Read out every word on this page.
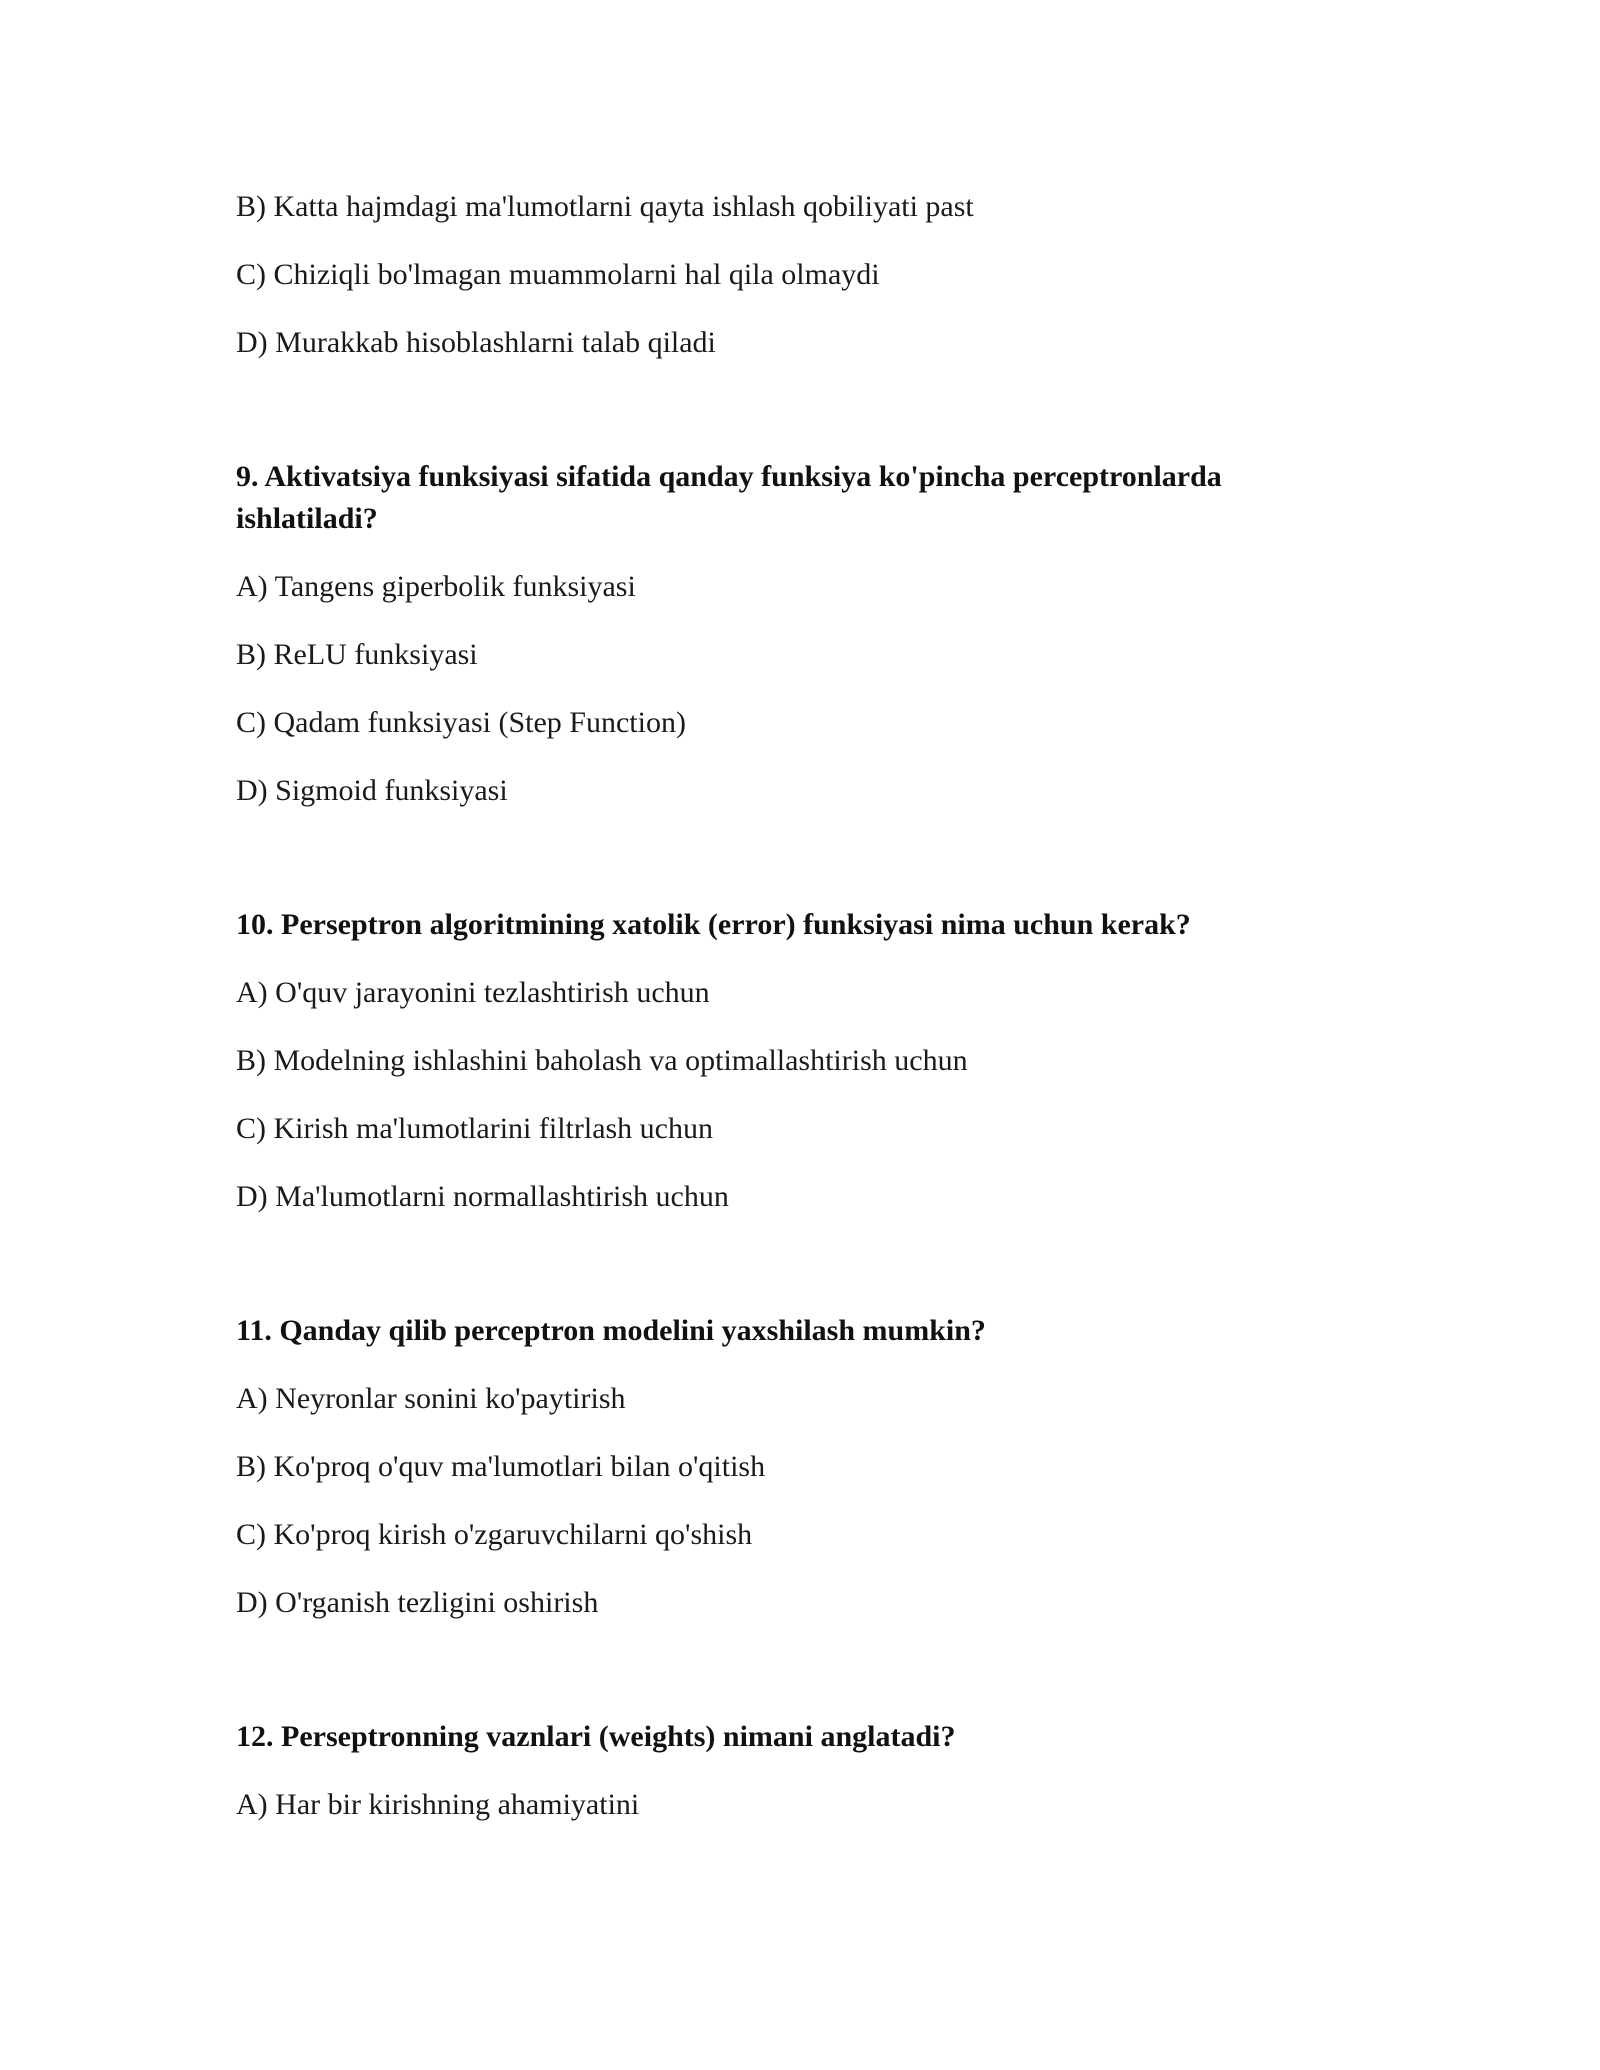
B) Katta hajmdagi ma'lumotlarni qayta ishlash qobiliyati past
C) Chiziqli bo'lmagan muammolarni hal qila olmaydi
D) Murakkab hisoblashlarni talab qiladi
9. Aktivatsiya funksiyasi sifatida qanday funksiya ko'pincha perceptronlarda
ishlatiladi?
A) Tangens giperbolik funksiyasi
B) ReLU funksiyasi
C) Qadam funksiyasi (Step Function)
D) Sigmoid funksiyasi
10. Perseptron algoritmining xatolik (error) funksiyasi nima uchun kerak?
A) O'quv jarayonini tezlashtirish uchun
B) Modelning ishlashini baholash va optimallashtirish uchun
C) Kirish ma'lumotlarini filtrlash uchun
D) Ma'lumotlarni normallashtirish uchun
11. Qanday qilib perceptron modelini yaxshilash mumkin?
A) Neyronlar sonini ko'paytirish
B) Ko'proq o'quv ma'lumotlari bilan o'qitish
C) Ko'proq kirish o'zgaruvchilarni qo'shish
D) O'rganish tezligini oshirish
12. Perseptronning vaznlari (weights) nimani anglatadi?
A) Har bir kirishning ahamiyatini
